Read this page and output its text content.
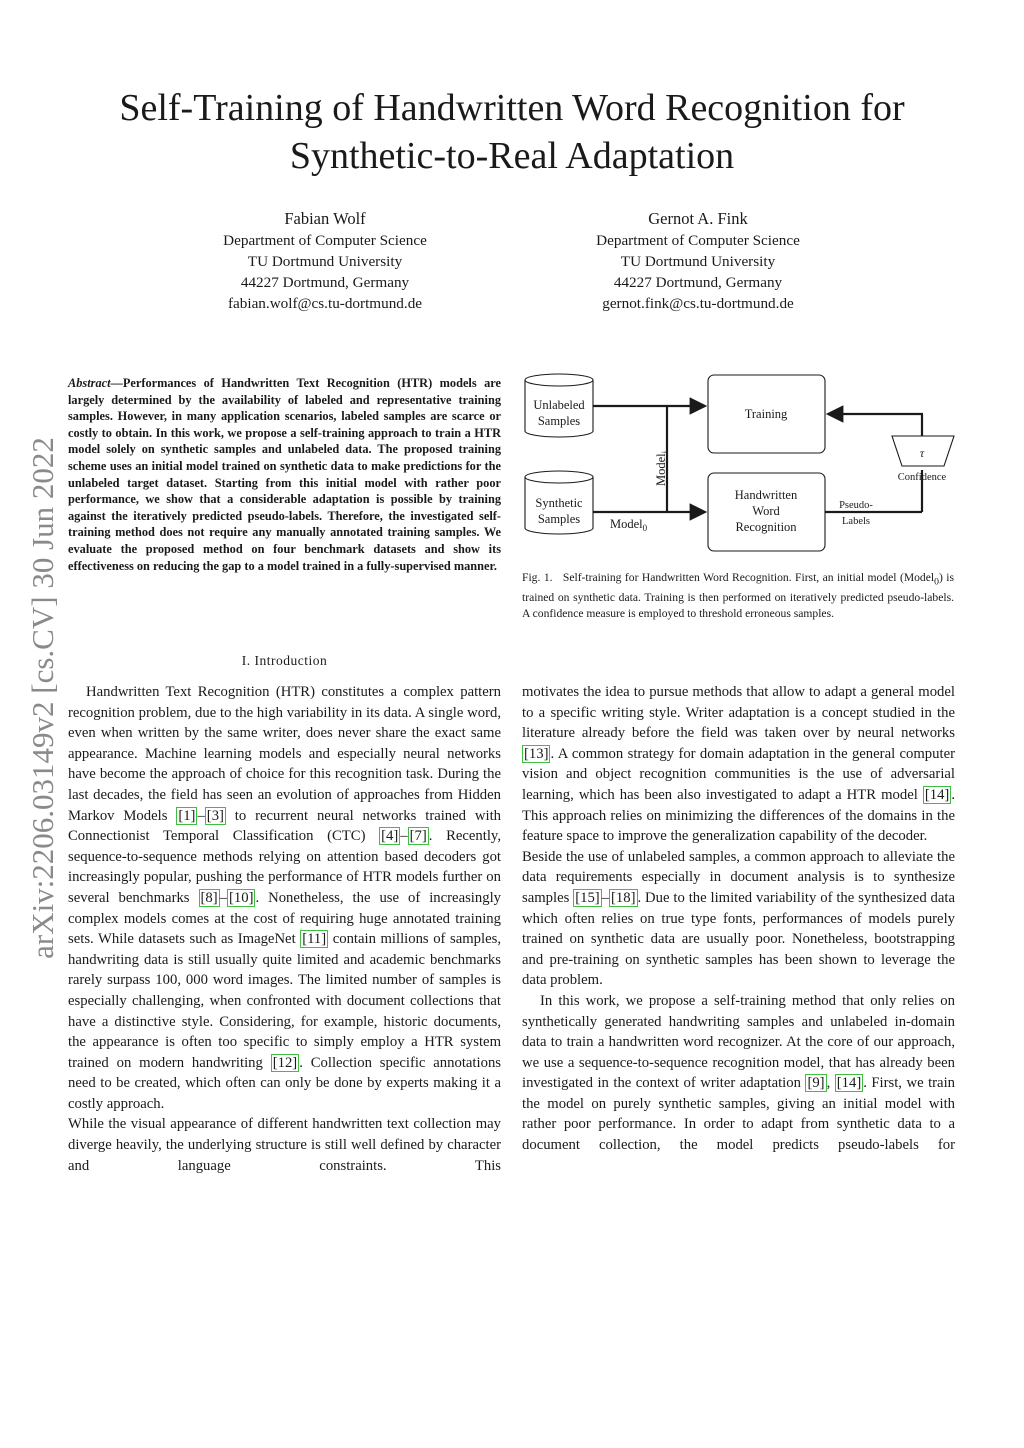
Self-Training of Handwritten Word Recognition for Synthetic-to-Real Adaptation
Fabian Wolf
Department of Computer Science
TU Dortmund University
44227 Dortmund, Germany
fabian.wolf@cs.tu-dortmund.de
Gernot A. Fink
Department of Computer Science
TU Dortmund University
44227 Dortmund, Germany
gernot.fink@cs.tu-dortmund.de
arXiv:2206.03149v2 [cs.CV] 30 Jun 2022
Abstract—Performances of Handwritten Text Recognition (HTR) models are largely determined by the availability of labeled and representative training samples. However, in many application scenarios, labeled samples are scarce or costly to obtain. In this work, we propose a self-training approach to train a HTR model solely on synthetic samples and unlabeled data. The proposed training scheme uses an initial model trained on synthetic data to make predictions for the unlabeled target dataset. Starting from this initial model with rather poor performance, we show that a considerable adaptation is possible by training against the iteratively predicted pseudo-labels. Therefore, the investigated self-training method does not require any manually annotated training samples. We evaluate the proposed method on four benchmark datasets and show its effectiveness on reducing the gap to a model trained in a fully-supervised manner.
Unlabeled
Samples
Synthetic
Samples
Model$_i$
Model$_0$
Training
Handwritten
Word
Recognition
Pseudo-
Labels
τ
Confidence
Fig. 1. Self-training for Handwritten Word Recognition. First, an initial model (Model$_0$) is trained on synthetic data. Training is then performed on iteratively predicted pseudo-labels. A confidence measure is employed to threshold erroneous samples.
I. Introduction

Handwritten Text Recognition (HTR) constitutes a complex pattern recognition problem, due to the high variability in its data. A single word, even when written by the same writer, does never share the exact same appearance. Machine learning models and especially neural networks have become the approach of choice for this recognition task. During the last decades, the field has seen an evolution of approaches from Hidden Markov Models [1] – [3] to recurrent neural networks trained with Connectionist Temporal Classification (CTC) [4] – [7] . Recently, sequence-to-sequence methods relying on attention based decoders got increasingly popular, pushing the performance of HTR models further on several benchmarks [8] – [10] . Nonetheless, the use of increasingly complex models comes at the cost of requiring huge annotated training sets. While datasets such as ImageNet [11] contain millions of samples, handwriting data is still usually quite limited and academic benchmarks rarely surpass 100, 000 word images. The limited number of samples is especially challenging, when confronted with document collections that have a distinctive style. Considering, for example, historic documents, the appearance is often too specific to simply employ a HTR system trained on modern handwriting [12] . Collection specific annotations need to be created, which often can only be done by experts making it a costly approach.

While the visual appearance of different handwritten text collection may diverge heavily, the underlying structure is still well defined by character and language constraints. This

motivates the idea to pursue methods that allow to adapt a general model to a specific writing style. Writer adaptation is a concept studied in the literature already before the field was taken over by neural networks [13] . A common strategy for domain adaptation in the general computer vision and object recognition communities is the use of adversarial learning, which has been also investigated to adapt a HTR model [14] . This approach relies on minimizing the differences of the domains in the feature space to improve the generalization capability of the decoder.

Beside the use of unlabeled samples, a common approach to alleviate the data requirements especially in document analysis is to synthesize samples [15] – [18] . Due to the limited variability of the synthesized data which often relies on true type fonts, performances of models purely trained on synthetic data are usually poor. Nonetheless, bootstrapping and pre-training on synthetic samples has been shown to leverage the data problem.

In this work, we propose a self-training method that only relies on synthetically generated handwriting samples and unlabeled in-domain data to train a handwritten word recognizer. At the core of our approach, we use a sequence-to-sequence recognition model, that has already been investigated in the context of writer adaptation [9] , [14] . First, we train the model on purely synthetic samples, giving an initial model with rather poor performance. In order to adapt from synthetic data to a document collection, the model predicts pseudo-labels for
